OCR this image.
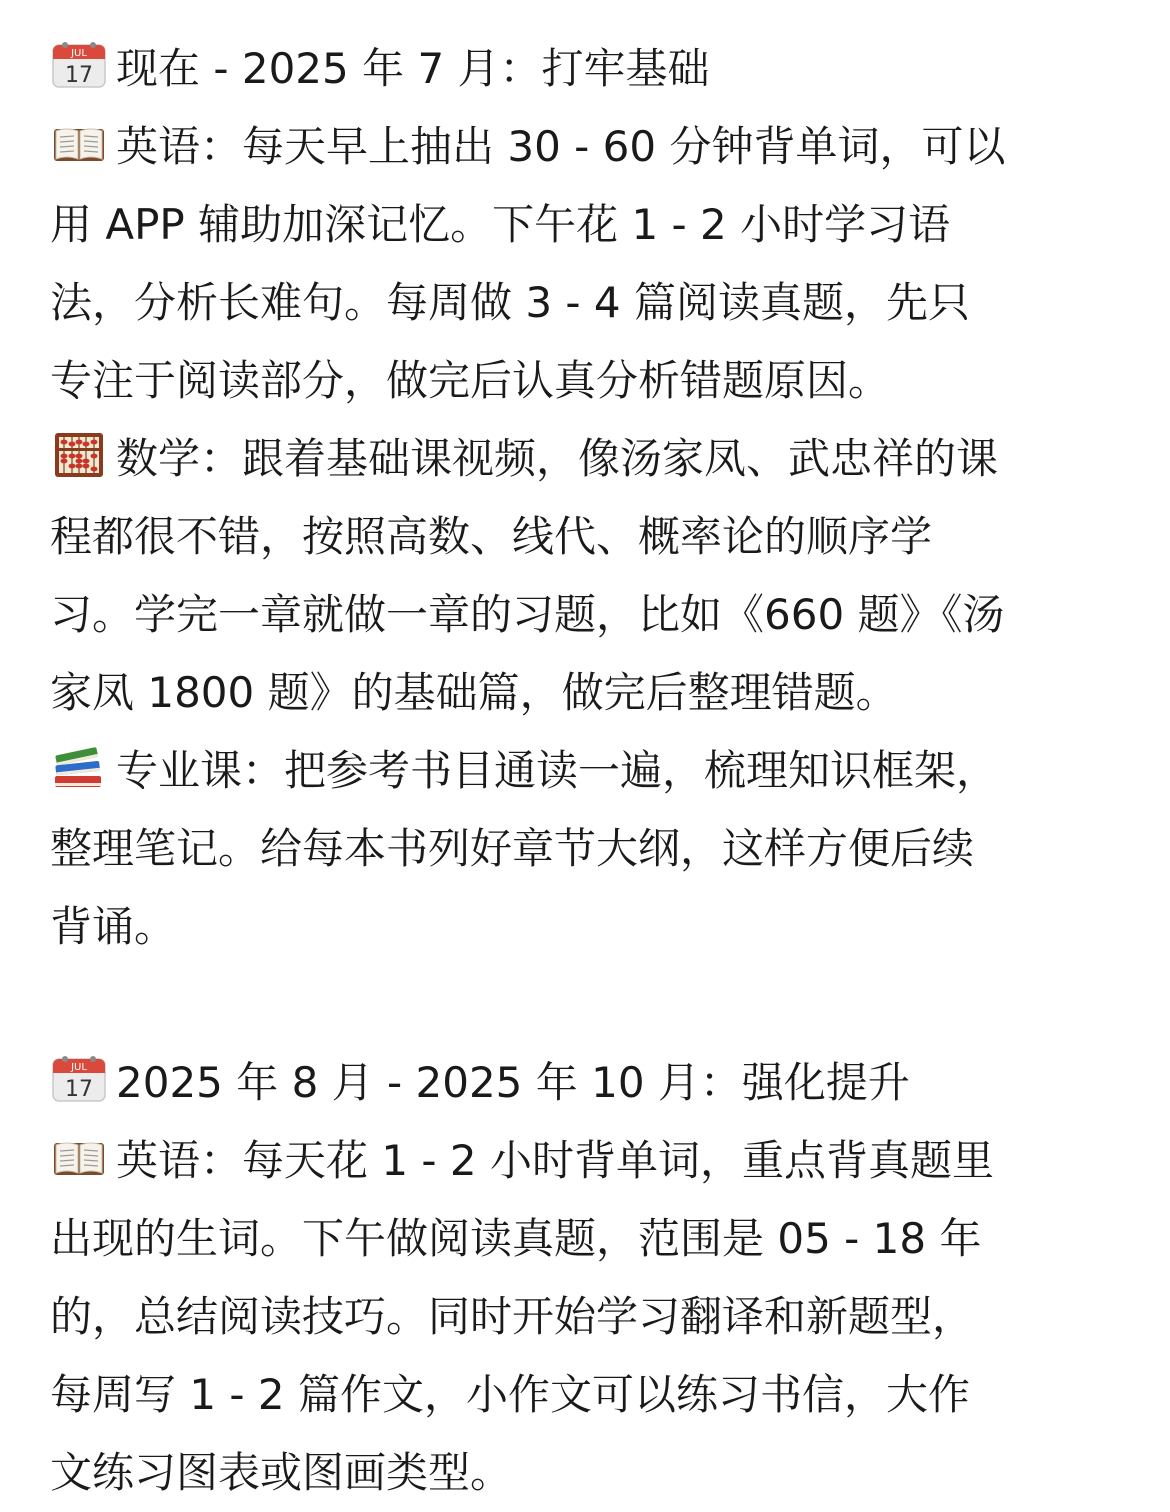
JUL
17 现在 - 2025 年 7 月：打牢基础
英语：每天早上抽出 30 - 60 分钟背单词，可以
用 APP 辅助加深记忆。下午花 1 - 2 小时学习语
法，分析长难句。每周做 3 - 4 篇阅读真题，先只
专注于阅读部分，做完后认真分析错题原因。
数学：跟着基础课视频，像汤家凤、武忠祥的课
程都很不错，按照高数、线代、概率论的顺序学
习。学完一章就做一章的习题，比如《660 题》《汤
家凤 1800 题》的基础篇，做完后整理错题。
专业课：把参考书目通读一遍，梳理知识框架，
整理笔记。给每本书列好章节大纲，这样方便后续
背诵。
JUL
17 2025 年 8 月 - 2025 年 10 月：强化提升
英语：每天花 1 - 2 小时背单词，重点背真题里
出现的生词。下午做阅读真题，范围是 05 - 18 年
的，总结阅读技巧。同时开始学习翻译和新题型，
每周写 1 - 2 篇作文，小作文可以练习书信，大作
文练习图表或图画类型。
